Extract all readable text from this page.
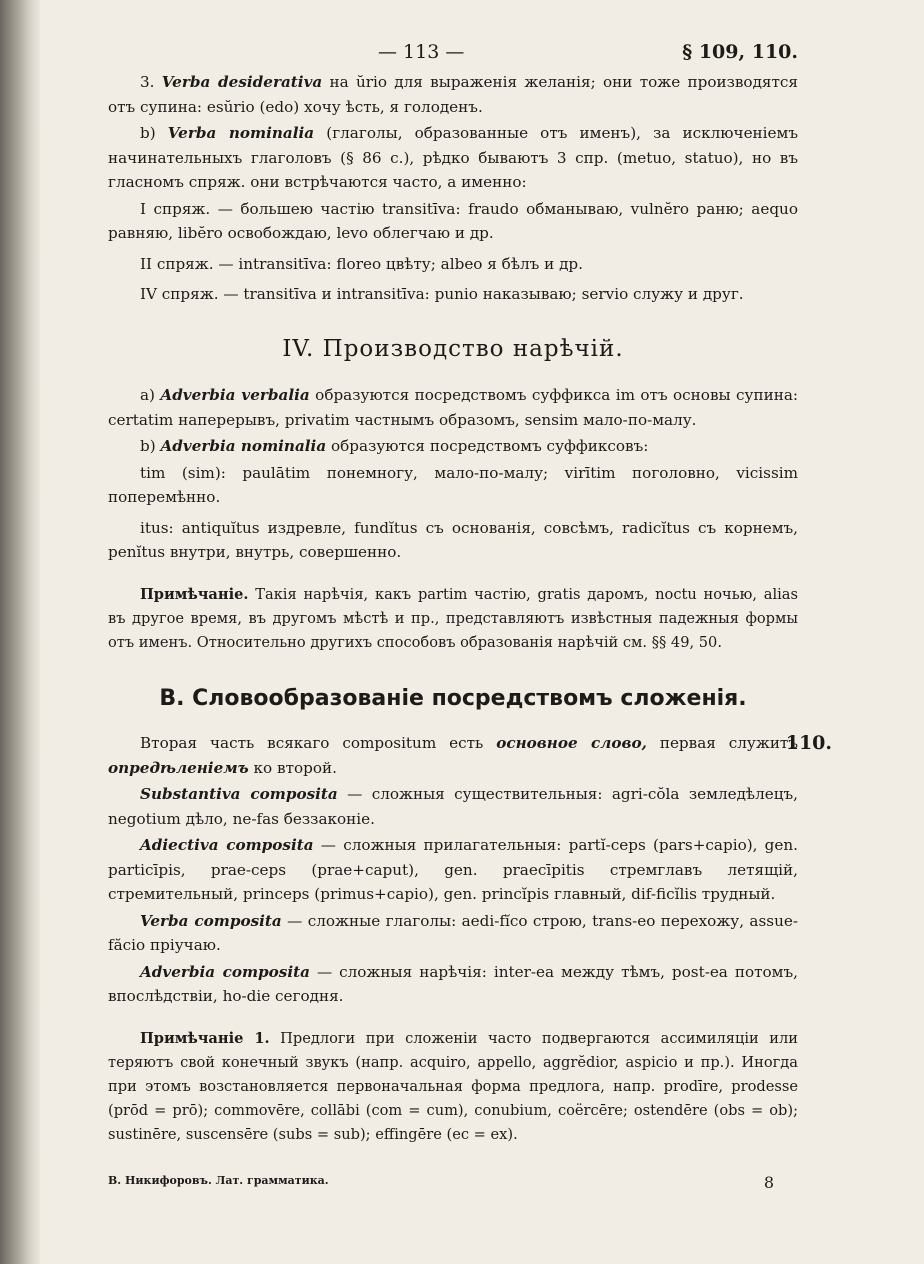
— 113 —	§ 109, 110.

3. Verba desiderativa на ŭrio для выраженія желанія; они тоже производятся отъ супина: esŭrio (edo) хочу ѣсть, я голоденъ.

b) Verba nominalia (глаголы, образованные отъ именъ), за исключеніемъ начинательныхъ глаголовъ (§ 86 c.), рѣдко бываютъ 3 спр. (metuo, statuo), но въ гласномъ спряж. они встрѣчаются часто, а именно:

I спряж. — большею частію transitīva: fraudo обманываю, vulnĕro раню; aequo равняю, libĕro освобождаю, levo облегчаю и др.

II спряж. — intransitīva: floreo цвѣту; albeo я бѣлъ и др.

IV спряж. — transitīva и intransitīva: punio наказываю; servio служу и друг.

IV. Производство нарѣчій.

a) Adverbia verbalia образуются посредствомъ суффикса im отъ основы супина: certatim наперерывъ, privatim частнымъ образомъ, sensim мало-по-малу.

b) Adverbia nominalia образуются посредствомъ суффиксовъ:

tim (sim): paulātim понемногу, мало-по-малу; virītim поголовно, vicissim поперемѣнно.

itus: antiquĭtus издревле, fundĭtus съ основанія, совсѣмъ, radicĭtus съ корнемъ, penĭtus внутри, внутрь, совершенно.

Примѣчаніе. Такія нарѣчія, какъ partim частію, gratis даромъ, noctu ночью, alias въ другое время, въ другомъ мѣстѣ и пр., представляютъ извѣстныя падежныя формы отъ именъ. Относительно другихъ способовъ образованія нарѣчій см. §§ 49, 50.

B. Словообразованіе посредствомъ сложенія.
110.

Вторая часть всякаго compositum есть основное слово, первая служитъ опредѣленіемъ ко второй.

Substantiva composita — сложныя существительныя: agri-cŏla земледѣлецъ, negotium дѣло, ne-fas беззаконіе.

Adiectiva composita — сложныя прилагательныя: partĭ-ceps (pars+capio), gen. particīpis, prae-ceps (prae+caput), gen. praecīpitis стремглавъ летящій, стремительный, princeps (primus+capio), gen. princĭpis главный, dif-ficĭlis трудный.

Verba composita — сложные глаголы: aedi-fĭco строю, trans-eo перехожу, assue-făcio пріучаю.

Adverbia composita — сложныя нарѣчія: inter-ea между тѣмъ, post-ea потомъ, впослѣдствіи, ho-die сегодня.

Примѣчаніе 1. Предлоги при сложеніи часто подвергаются ассимиляціи или теряютъ свой конечный звукъ (напр. acquiro, appello, aggrĕdior, aspicio и пр.). Иногда при этомъ возстановляется первоначальная форма предлога, напр. prodīre, prodesse (prōd = prō); commovēre, collābi (com = cum), conubium, coërcēre; ostendēre (obs = ob); sustinēre, suscensēre (subs = sub); effingēre (ec = ex).

В. Никифоровъ. Лат. грамматика.	8
